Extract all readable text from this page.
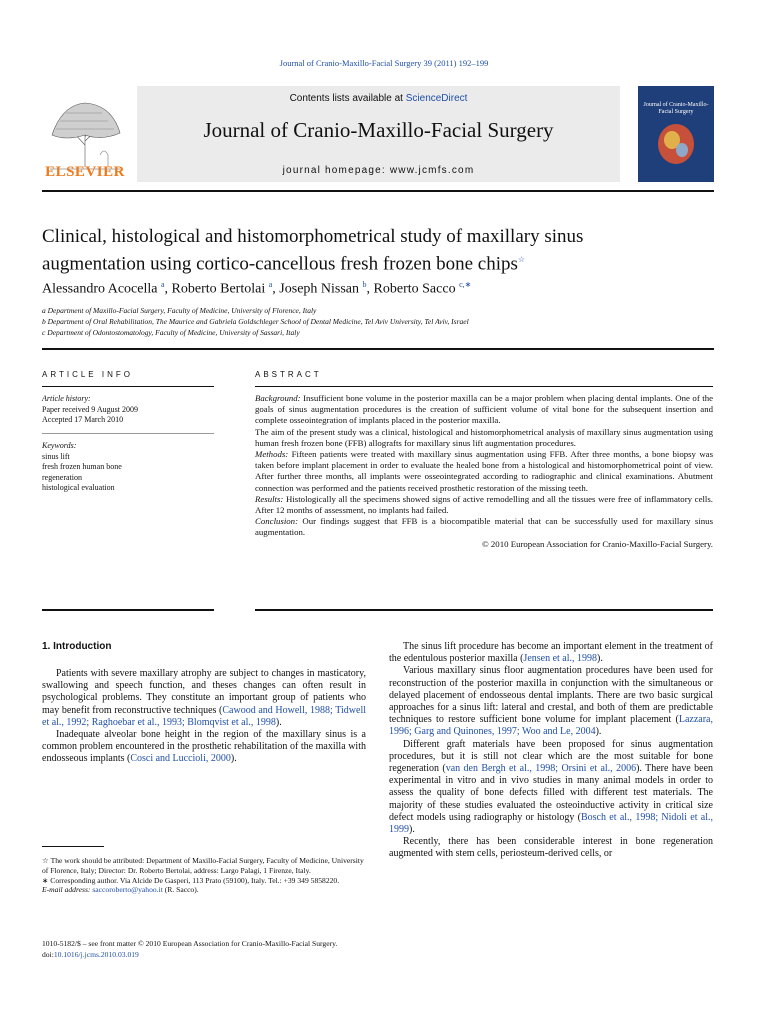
Journal of Cranio-Maxillo-Facial Surgery 39 (2011) 192–199
ELSEVIER
Contents lists available at ScienceDirect
Journal of Cranio-Maxillo-Facial Surgery
journal homepage: www.jcmfs.com
Journal of Cranio-Maxillo-Facial Surgery
Clinical, histological and histomorphometrical study of maxillary sinus
augmentation using cortico-cancellous fresh frozen bone chips☆
Alessandro Acocella $^a$, Roberto Bertolai $^a$, Joseph Nissan $^b$, Roberto Sacco $^{c,∗}$
a Department of Maxillo-Facial Surgery, Faculty of Medicine, University of Florence, Italy
b Department of Oral Rehabilitation, The Maurice and Gabriela Goldschleger School of Dental Medicine, Tel Aviv University, Tel Aviv, Israel
c Department of Odontostomatology, Faculty of Medicine, University of Sassari, Italy
ARTICLE INFO
Article history:
Paper received 9 August 2009
Accepted 17 March 2010
Keywords:
sinus lift
fresh frozen human bone
regeneration
histological evaluation
ABSTRACT

Background: Insufficient bone volume in the posterior maxilla can be a major problem when placing dental implants. One of the goals of sinus augmentation procedures is the creation of sufficient volume of vital bone for the subsequent insertion and complete osseointegration of implants placed in the posterior maxilla.

The aim of the present study was a clinical, histological and histomorphometrical analysis of maxillary sinus augmentation using human fresh frozen bone (FFB) allografts for maxillary sinus lift augmentation procedures.

Methods: Fifteen patients were treated with maxillary sinus augmentation using FFB. After three months, a bone biopsy was taken before implant placement in order to evaluate the healed bone from a histological and histomorphometrical point of view. After further three months, all implants were osseointegrated according to radiographic and clinical examinations. Abutment connection was performed and the patients received prosthetic restoration of the missing teeth.

Results: Histologically all the specimens showed signs of active remodelling and all the tissues were free of inflammatory cells. After 12 months of assessment, no implants had failed.

Conclusion: Our findings suggest that FFB is a biocompatible material that can be successfully used for maxillary sinus augmentation.

© 2010 European Association for Cranio-Maxillo-Facial Surgery.

1. Introduction

Patients with severe maxillary atrophy are subject to changes in masticatory, swallowing and speech function, and theses changes can often result in psychological problems. They constitute an important group of patients who may benefit from reconstructive techniques (Cawood and Howell, 1988; Tidwell et al., 1992; Raghoebar et al., 1993; Blomqvist et al., 1998).

Inadequate alveolar bone height in the region of the maxillary sinus is a common problem encountered in the prosthetic rehabilitation of the maxilla with endosseous implants (Cosci and Luccioli, 2000).

☆ The work should be attributed: Department of Maxillo-Facial Surgery, Faculty of Medicine, University of Florence, Italy; Director: Dr. Roberto Bertolai, address: Largo Palagi, 1 Firenze, Italy.

∗ Corresponding author. Via Alcide De Gasperi, 113 Prato (59100), Italy. Tel.: +39 349 5858220.

E-mail address: saccoroberto@yahoo.it (R. Sacco).

The sinus lift procedure has become an important element in the treatment of the edentulous posterior maxilla (Jensen et al., 1998).

Various maxillary sinus floor augmentation procedures have been used for reconstruction of the posterior maxilla in conjunction with the simultaneous or delayed placement of endosseous dental implants. There are two basic surgical approaches for a sinus lift: lateral and crestal, and both of them are predictable techniques to restore sufficient bone volume for implant placement (Lazzara, 1996; Garg and Quinones, 1997; Woo and Le, 2004).

Different graft materials have been proposed for sinus augmentation procedures, but it is still not clear which are the most suitable for bone regeneration (van den Bergh et al., 1998; Orsini et al., 2006). There have been experimental in vitro and in vivo studies in many animal models in order to assess the quality of bone defects filled with different test materials. The majority of these studies evaluated the osteoinductive activity in critical size defect models using radiography or histology (Bosch et al., 1998; Nidoli et al., 1999).

Recently, there has been considerable interest in bone regeneration augmented with stem cells, periosteum-derived cells, or

1010-5182/$ – see front matter © 2010 European Association for Cranio-Maxillo-Facial Surgery.
doi:10.1016/j.jcms.2010.03.019
